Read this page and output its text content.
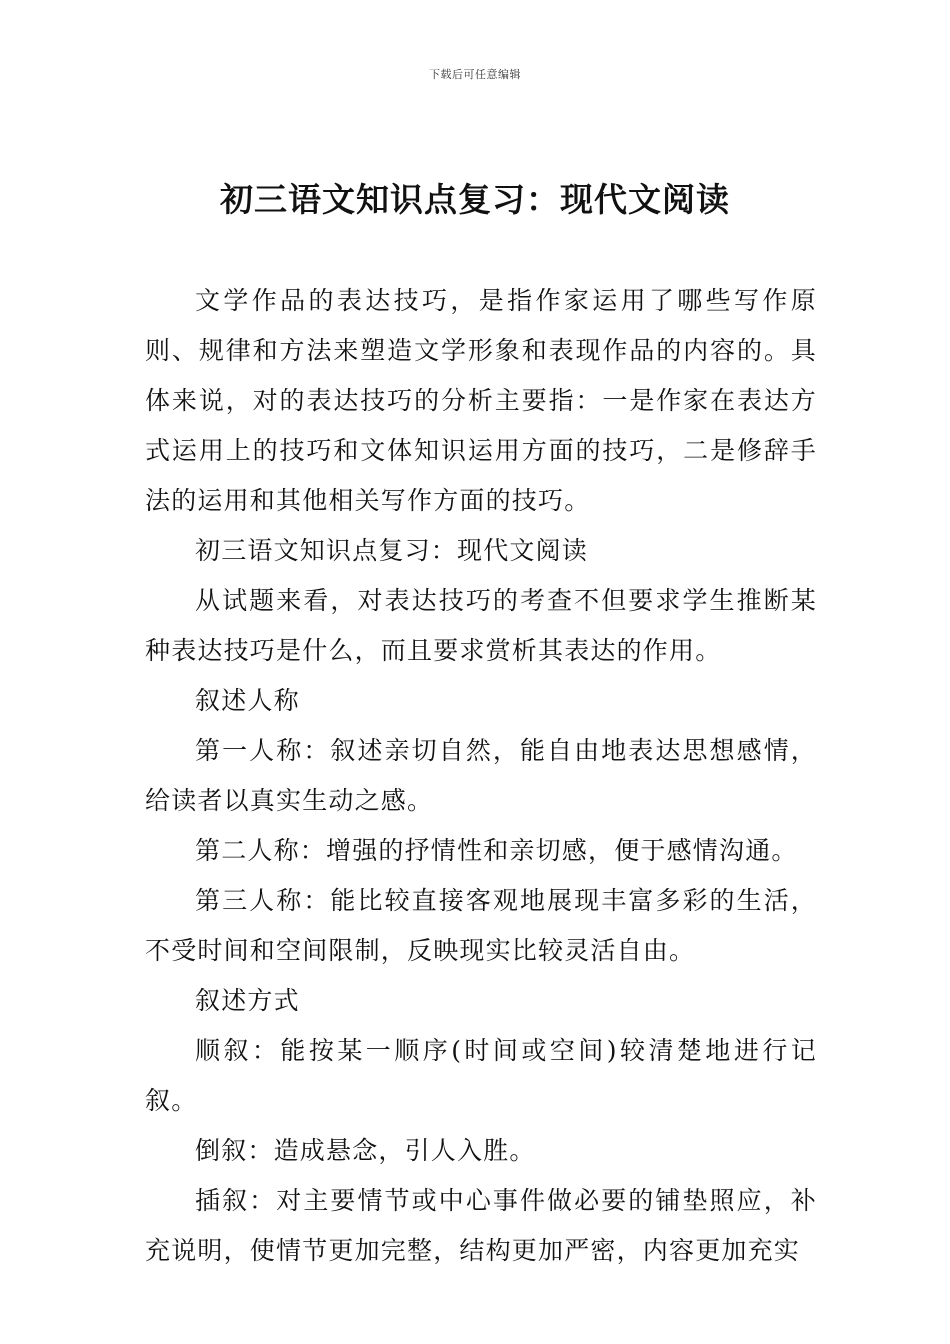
下载后可任意编辑
初三语文知识点复习：现代文阅读

文学作品的表达技巧，是指作家运用了哪些写作原则、规律和方法来塑造文学形象和表现作品的内容的。具体来说，对的表达技巧的分析主要指：一是作家在表达方式运用上的技巧和文体知识运用方面的技巧，二是修辞手法的运用和其他相关写作方面的技巧。

初三语文知识点复习：现代文阅读

从试题来看，对表达技巧的考查不但要求学生推断某种表达技巧是什么，而且要求赏析其表达的作用。

叙述人称

第一人称：叙述亲切自然，能自由地表达思想感情，给读者以真实生动之感。

第二人称：增强的抒情性和亲切感，便于感情沟通。

第三人称：能比较直接客观地展现丰富多彩的生活，不受时间和空间限制，反映现实比较灵活自由。

叙述方式

顺叙：能按某一顺序(时间或空间)较清楚地进行记叙。

倒叙：造成悬念，引人入胜。

插叙：对主要情节或中心事件做必要的铺垫照应，补充说明，使情节更加完整，结构更加严密，内容更加充实
